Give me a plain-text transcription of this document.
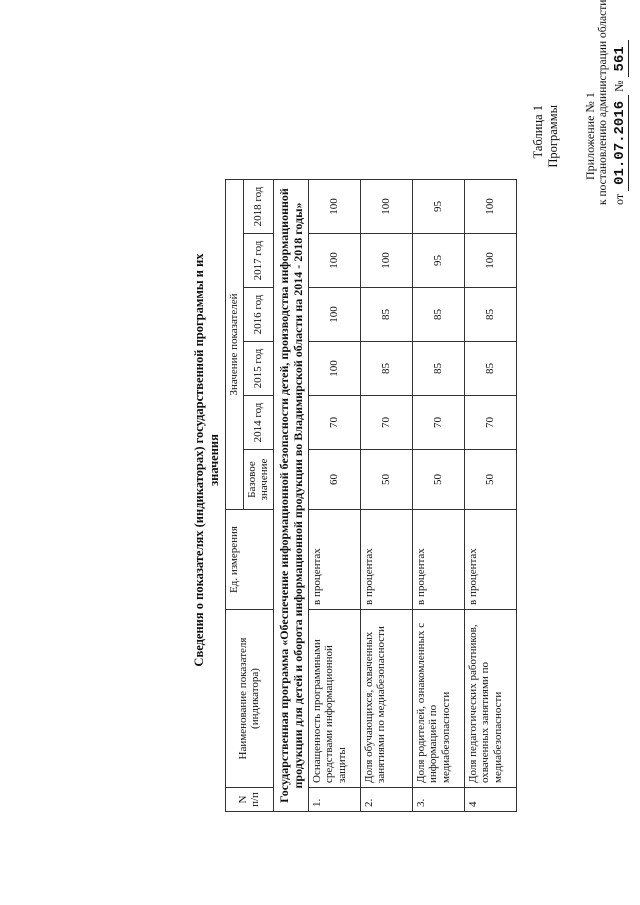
Приложение № 1 к постановлению администрации области от 01.07.2016 № 561
Таблица 1 Программы
Сведения о показателях (индикаторах) государственной программы и их значения
N п/п	Наименование показателя (индикатора)	Ед. измерения	Значение показателей					
			Базовое значение	2014 год	2015 год	2016 год	2017 год	2018 год
Государственная программа «Обеспечение информационной безопасности детей, производства информационной продукции для детей и оборота информационной продукции во Владимирской области на 2014 - 2018 годы»								
1.	Оснащенность программными средствами информационной защиты	в процентах	60	70	100	100	100	100
2.	Доля обучающихся, охваченных занятиями по медиабезопасности	в процентах	50	70	85	85	100	100
3.	Доля родителей, ознакомленных с информацией по медиабезопасности	в процентах	50	70	85	85	95	95
4	Доля педагогических работников, охваченных занятиями по медиабезопасности	в процентах	50	70	85	85	100	100
